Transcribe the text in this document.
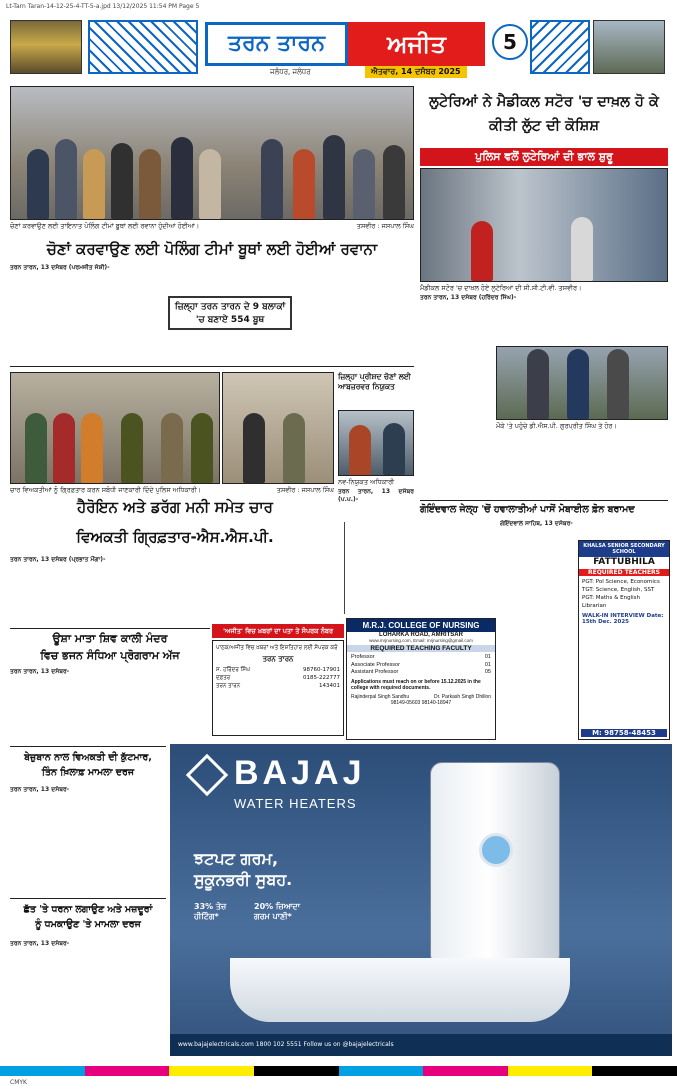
Lt-Tarn Taran-14-12-25-4-TT-5-a.jpd 13/12/2025 11:54 PM Page 5
ਤਰਨ ਤਾਰਨ	ਅਜੀਤ
ਜਲੰਧਰ, ਜਲੰਧਰ	ਐਤਵਾਰ, 14 ਦਸੰਬਰ 2025
5
ਚੋਣਾਂ ਕਰਵਾਉਣ ਲਈ ਤਾਇਨਾਤ ਪੋਲਿੰਗ ਟੀਮਾਂ ਬੂਥਾਂ ਲਈ ਰਵਾਨਾ ਹੁੰਦੀਆਂ ਹੋਈਆਂ।	ਤਸਵੀਰ : ਜਸਪਾਲ ਸਿੰਘ
ਚੋਣਾਂ ਕਰਵਾਉਣ ਲਈ ਪੋਲਿੰਗ ਟੀਮਾਂ ਬੂਥਾਂ ਲਈ ਹੋਈਆਂ ਰਵਾਨਾ
ਤਰਨ ਤਾਰਨ, 13 ਦਸੰਬਰ (ਪਰਮਜੀਤ ਜੋਸ਼ੀ)-
ਜ਼ਿਲ੍ਹਾ ਤਰਨ ਤਾਰਨ ਦੇ 9 ਬਲਾਕਾਂ 'ਚ ਬਣਾਏ 554 ਬੂਥ
ਲੁਟੇਰਿਆਂ ਨੇ ਮੈਡੀਕਲ ਸਟੋਰ 'ਚ ਦਾਖ਼ਲ ਹੋ ਕੇ ਕੀਤੀ ਲੁੱਟ ਦੀ ਕੋਸ਼ਿਸ਼
ਪੁਲਿਸ ਵਲੋਂ ਲੁਟੇਰਿਆਂ ਦੀ ਭਾਲ ਸ਼ੁਰੂ
ਮੈਡੀਕਲ ਸਟੋਰ 'ਚ ਦਾਖ਼ਲ ਹੋਏ ਲੁਟੇਰਿਆਂ ਦੀ ਸੀ.ਸੀ.ਟੀ.ਵੀ. ਤਸਵੀਰ।
ਤਰਨ ਤਾਰਨ, 13 ਦਸੰਬਰ (ਹਰਿੰਦਰ ਸਿੰਘ)-
ਮੌਕੇ 'ਤੇ ਪਹੁੰਚੇ ਡੀ.ਐਸ.ਪੀ. ਗੁਰਪ੍ਰੀਤ ਸਿੰਘ ਤੇ ਹੋਰ।
ਚਾਰ ਵਿਅਕਤੀਆਂ ਨੂੰ ਗ੍ਰਿਫ਼ਤਾਰ ਕਰਨ ਸਬੰਧੀ ਜਾਣਕਾਰੀ ਦਿੰਦੇ ਪੁਲਿਸ ਅਧਿਕਾਰੀ।	ਤਸਵੀਰ : ਜਸਪਾਲ ਸਿੰਘ
ਹੈਰੋਇਨ ਅਤੇ ਡਰੱਗ ਮਨੀ ਸਮੇਤ ਚਾਰ
ਵਿਅਕਤੀ ਗ੍ਰਿਫ਼ਤਾਰ-ਐਸ.ਐਸ.ਪੀ.
ਤਰਨ ਤਾਰਨ, 13 ਦਸੰਬਰ (ਪ੍ਰਭਾਤ ਮੌਂਗਾ)-
ਜ਼ਿਲ੍ਹਾ ਪ੍ਰੀਸ਼ਦ ਚੋਣਾਂ ਲਈ ਆਬਜ਼ਰਵਰ ਨਿਯੁਕਤ
ਨਵ-ਨਿਯੁਕਤ ਅਧਿਕਾਰੀ
ਤਰਨ ਤਾਰਨ, 13 ਦਸੰਬਰ (ਪ.ਪ.)-
ਗੋਇੰਦਵਾਲ ਜੇਲ੍ਹ 'ਚੋਂ ਹਵਾਲਾਤੀਆਂ ਪਾਸੋਂ ਮੋਬਾਈਲ ਫ਼ੋਨ ਬਰਾਮਦ
ਗੋਇੰਦਵਾਲ ਸਾਹਿਬ, 13 ਦਸੰਬਰ-
KHALSA SENIOR SECONDARY SCHOOL
FATTUBHILA
REQUIRED TEACHERS
PGT: Pol Science, Economics
TGT: Science, English, SST
PGT: Maths & English
Librarian
WALK-IN INTERVIEW Date: 15th Dec. 2025
M: 98758-48453
ਊਸ਼ਾ ਮਾਤਾ ਸ਼ਿਵ ਕਾਲੀ ਮੰਦਰ
ਵਿਚ ਭਜਨ ਸੰਧਿਆ ਪ੍ਰੋਗਰਾਮ ਅੱਜ
ਤਰਨ ਤਾਰਨ, 13 ਦਸੰਬਰ-
'ਅਜੀਤ' ਵਿਚ ਖ਼ਬਰਾਂ ਦਾ ਪਤਾ ਤੇ ਸੰਪਰਕ ਨੰਬਰ
ਪਾਠਕ/ਅਜੀਤ ਵਿਚ ਖ਼ਬਰਾਂ ਅਤੇ ਇਸ਼ਤਿਹਾਰ ਲਈ ਸੰਪਰਕ ਕਰੋ
ਤਰਨ ਤਾਰਨ
ਸ. ਹਰਿੰਦਰ ਸਿੰਘ	98760-17901
ਦਫ਼ਤਰ	0185-222777
ਤਰਨ ਤਾਰਨ	143401
M.R.J. COLLEGE OF NURSING
LOHARKA ROAD, AMRITSAR
www.mrjnursing.com, Email: mrjnursing@gmail.com
REQUIRED TEACHING FACULTY
Professor	01
Associate Professor	01
Assistant Professor	05
Applications must reach on or before 15.12.2025 in the college with required documents.
Rajinderpal Singh Sandhu	Dr. Parkash Singh Dhillon
98149-05603 98140-18947
ਬੇਜ਼ੁਬਾਨ ਨਾਲ ਵਿਅਕਤੀ ਦੀ ਕੁੱਟਮਾਰ,
ਤਿੰਨ ਖ਼ਿਲਾਫ਼ ਮਾਮਲਾ ਦਰਜ
ਤਰਨ ਤਾਰਨ, 13 ਦਸੰਬਰ-
ਛੱਤ 'ਤੇ ਧਰਨਾ ਲਗਾਉਣ ਅਤੇ ਮਜ਼ਦੂਰਾਂ
ਨੂੰ ਧਮਕਾਉਣ 'ਤੇ ਮਾਮਲਾ ਦਰਜ
ਤਰਨ ਤਾਰਨ, 13 ਦਸੰਬਰ-
BAJAJ
WATER HEATERS
ਝਟਪਟ ਗਰਮ,
ਸੁਕੂਨਭਰੀ ਸੁਬਹ.
33% ਤੇਜ਼
ਹੀਟਿੰਗ*
20% ਜ਼ਿਆਦਾ
ਗਰਮ ਪਾਣੀ*
www.bajajelectricals.com 1800 102 5551 Follow us on @bajajelectricals
CMYK
